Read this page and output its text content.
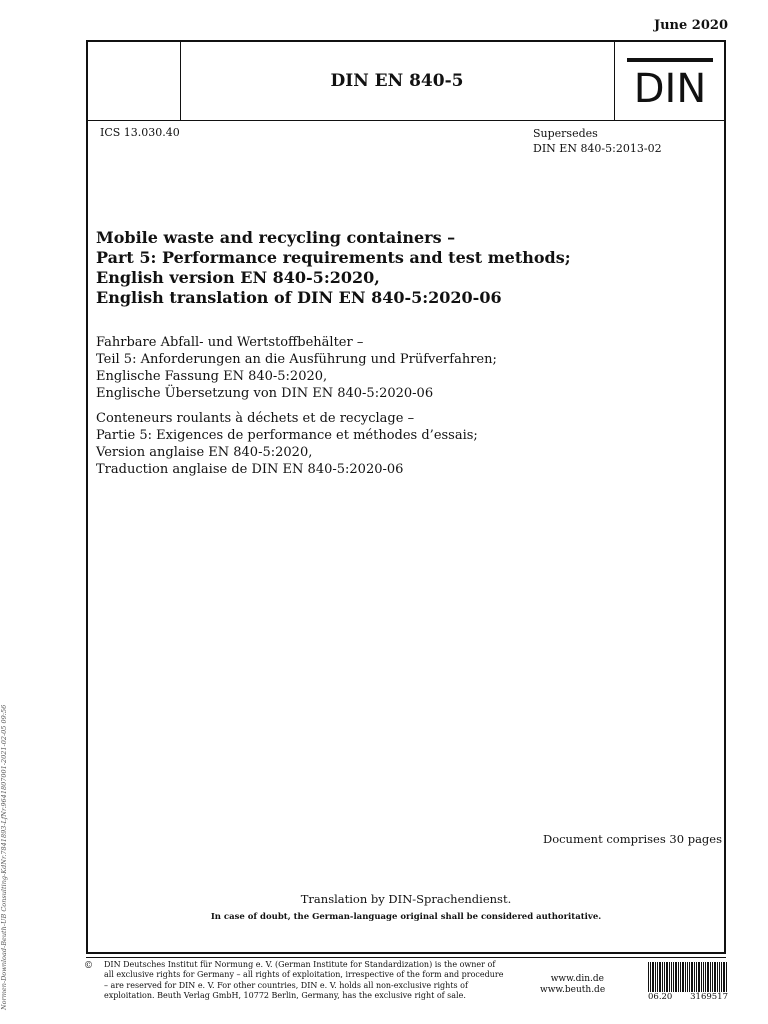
June 2020
DIN EN 840-5	DIN
ICS 13.030.40	Supersedes
DIN EN 840-5:2013-02
Mobile waste and recycling containers –
Part 5: Performance requirements and test methods;
English version EN 840-5:2020,
English translation of DIN EN 840-5:2020-06
Fahrbare Abfall- und Wertstoffbehälter –
Teil 5: Anforderungen an die Ausführung und Prüfverfahren;
Englische Fassung EN 840-5:2020,
Englische Übersetzung von DIN EN 840-5:2020-06
Conteneurs roulants à déchets et de recyclage –
Partie 5: Exigences de performance et méthodes d’essais;
Version anglaise EN 840-5:2020,
Traduction anglaise de DIN EN 840-5:2020-06
Document comprises 30 pages
Translation by DIN-Sprachendienst.
In case of doubt, the German-language original shall be considered authoritative.
© DIN Deutsches Institut für Normung e. V. (German Institute for Standardization) is the owner of all exclusive rights for Germany – all rights of exploitation, irrespective of the form and procedure – are reserved for DIN e. V. For other countries, DIN e. V. holds all non-exclusive rights of exploitation. Beuth Verlag GmbH, 10772 Berlin, Germany, has the exclusive right of sale.
www.din.de
www.beuth.de
06.20 3169517
Normen-Download-Beuth-UB Consulting-KdNr.7841893-LfNr.9641807001-2021-02-05 09:56
